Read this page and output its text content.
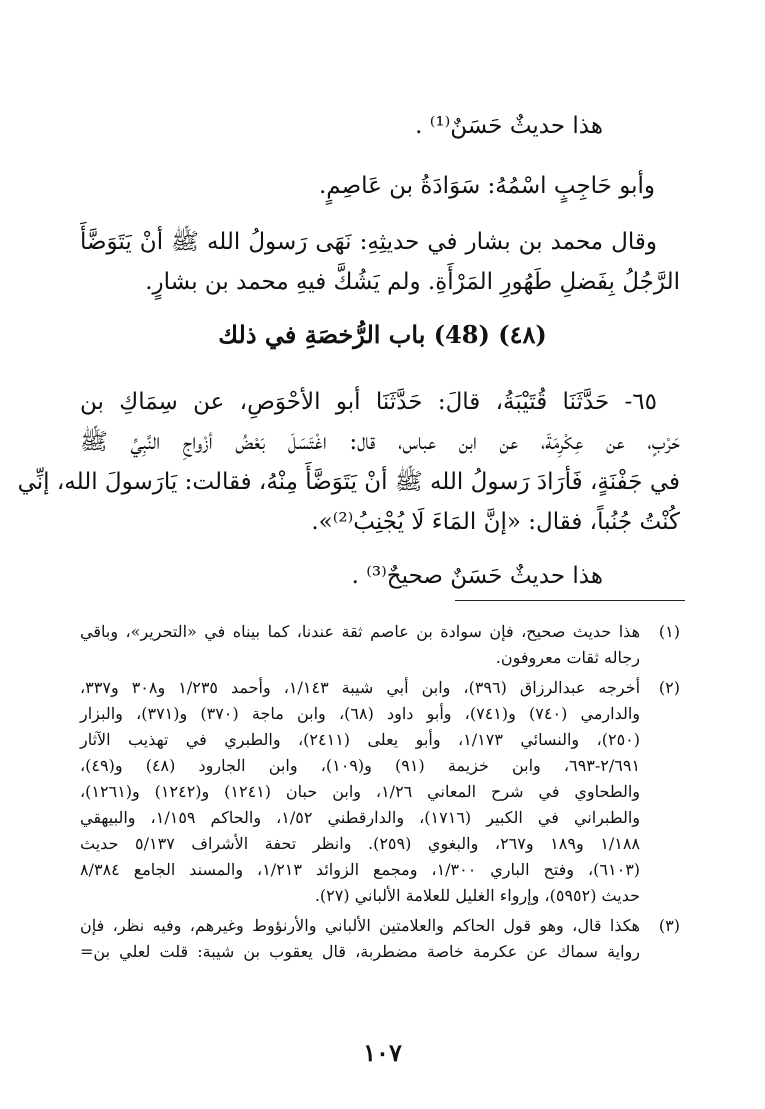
هذا حديثٌ حَسَنٌ⁽¹⁾ .
وأبو حَاجِبٍ اسْمُهُ: سَوَادَةُ بن عَاصِمٍ.
وقال محمد بن بشار في حديثِهِ: نَهَى رَسولُ الله ﷺ أنْ يَتَوَضَّأَ
الرَّجُلُ بِفَضلِ طَهُورِ المَرْأَةِ. ولم يَشُكَّ فيهِ محمد بن بشارٍ.
(٤٨) (48) باب الرُّخصَةِ في ذلك
٦٥- حَدَّثَنَا قُتَيْبَةُ، قالَ: حَدَّثَنَا أبو الأحْوَصِ، عن سِمَاكِ بن
حَرْبٍ، عن عِكْرِمَةَ، عن ابن عباس، قال: اغْتَسَلَ بَعْضُ أزْواجِ النَّبِيِّ ﷺ
في جَفْنَةٍ، فَأرَادَ رَسولُ الله ﷺ أنْ يَتَوَضَّأَ مِنْهُ، فقالت: يَارَسولَ الله، إنِّي
كُنْتُ جُنُباً، فقال: «إنَّ المَاءَ لَا يُجْنِبُ⁽²⁾».
هذا حديثٌ حَسَنٌ صحيحٌ⁽³⁾ .
(١)
هذا حديث صحيح، فإن سوادة بن عاصم ثقة عندنا، كما بيناه في «التحرير»، وباقي
رجاله ثقات معروفون.
(٢)
أخرجه عبدالرزاق (٣٩٦)، وابن أبي شيبة ١/١٤٣، وأحمد ١/٢٣٥ و٣٠٨ و٣٣٧،
والدارمي (٧٤٠) و(٧٤١)، وأبو داود (٦٨)، وابن ماجة (٣٧٠) و(٣٧١)، والبزار
(٢٥٠)، والنسائي ١/١٧٣، وأبو يعلى (٢٤١١)، والطبري في تهذيب الآثار
٢/٦٩١-٦٩٣، وابن خزيمة (٩١) و(١٠٩)، وابن الجارود (٤٨) و(٤٩)،
والطحاوي في شرح المعاني ١/٢٦، وابن حبان (١٢٤١) و(١٢٤٢) و(١٢٦١)،
والطبراني في الكبير (١٧١٦)، والدارقطني ١/٥٢، والحاكم ١/١٥٩، والبيهقي
١/١٨٨ و١٨٩ و٢٦٧، والبغوي (٢٥٩). وانظر تحفة الأشراف ٥/١٣٧ حديث
(٦١٠٣)، وفتح الباري ١/٣٠٠، ومجمع الزوائد ١/٢١٣، والمسند الجامع ٨/٣٨٤
حديث (٥٩٥٢)، وإرواء الغليل للعلامة الألباني (٢٧).
(٣)
هكذا قال، وهو قول الحاكم والعلامتين الألباني والأرنؤوط وغيرهم، وفيه نظر، فإن
رواية سماك عن عكرمة خاصة مضطربة، قال يعقوب بن شيبة: قلت لعلي بن=
١٠٧
